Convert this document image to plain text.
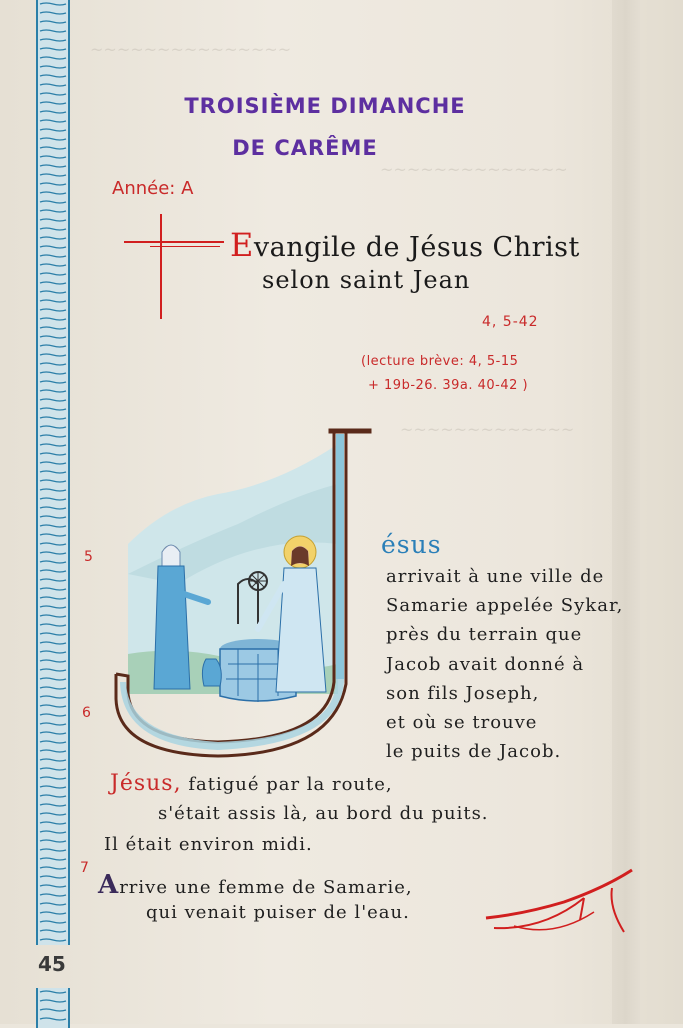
~~~~~~~~~~~~~~~
~~~~~~~~~~~~~~
~~~~~~~~~~~~~
45
TROISIÈME DIMANCHE
DE CARÊME
Année: A
Evangile de Jésus Christ
selon saint Jean
4, 5-42
(lecture brève: 4, 5-15
+ 19b-26. 39a. 40-42 )
5
6
7
ésus
arrivait à une ville de
Samarie appelée Sykar,
près du terrain que
Jacob avait donné à
son fils Joseph,
et où se trouve
le puits de Jacob.
Jésus, fatigué par la route,
s'était assis là, au bord du puits.
Il était environ midi.
Arrive une femme de Samarie,
qui venait puiser de l'eau.
